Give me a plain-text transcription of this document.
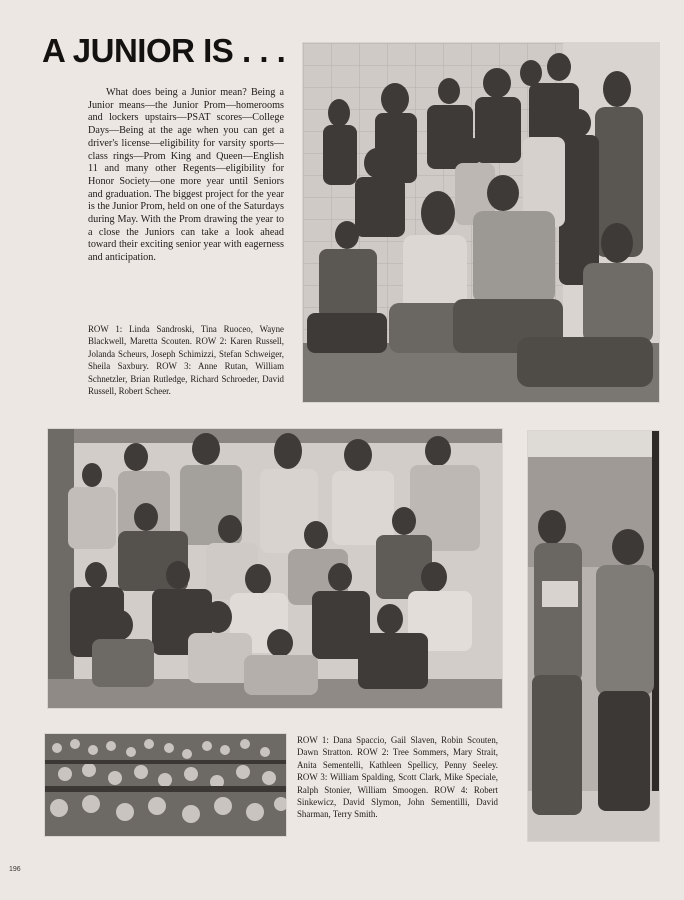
A JUNIOR IS . . .

What does being a Junior mean? Being a Junior means—the Junior Prom—homerooms and lockers upstairs—PSAT scores—College Days—Being at the age when you can get a driver's license—eligibility for varsity sports—class rings—Prom King and Queen—English 11 and many other Regents—eligibility for Honor Society—one more year until Seniors and graduation. The biggest project for the year is the Junior Prom, held on one of the Saturdays during May. With the Prom drawing the year to a close the Juniors can take a look ahead toward their exciting senior year with eagerness and anticipation.

ROW 1: Linda Sandroski, Tina Ruoceo, Wayne Blackwell, Maretta Scouten. ROW 2: Karen Russell, Jolanda Scheurs, Joseph Schimizzi, Stefan Schweiger, Sheila Saxbury. ROW 3: Anne Rutan, William Schnetzler, Brian Rutledge, Richard Schroeder, David Russell, Robert Scheer.

ROW 1: Dana Spaccio, Gail Slaven, Robin Scouten, Dawn Stratton. ROW 2: Tree Sommers, Mary Strait, Anita Sementelli, Kathleen Spellicy, Penny Seeley. ROW 3: William Spalding, Scott Clark, Mike Speciale, Ralph Stonier, William Smoogen. ROW 4: Robert Sinkewicz, David Slymon, John Sementilli, David Sharman, Terry Smith.

196
